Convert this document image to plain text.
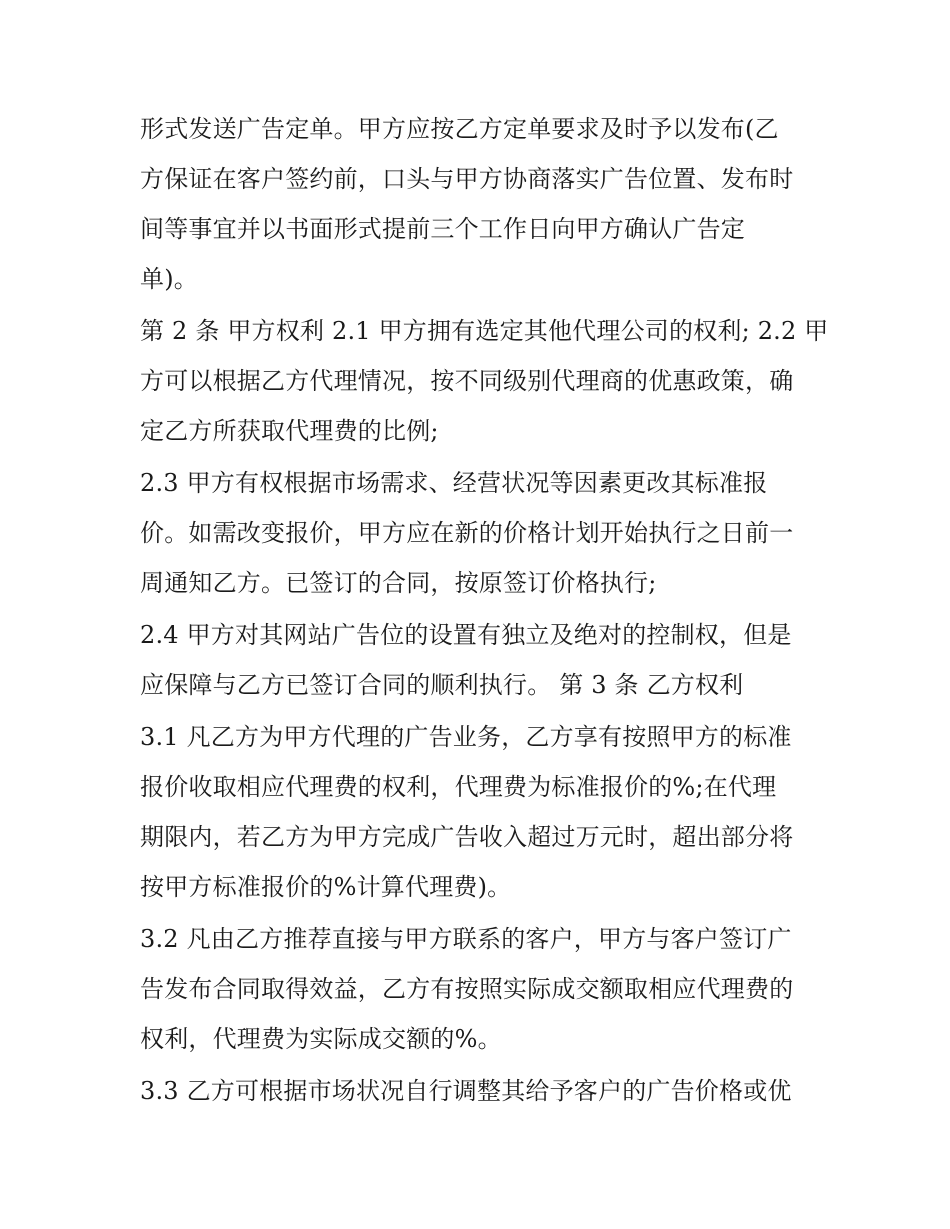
形式发送广告定单。甲方应按乙方定单要求及时予以发布(乙
方保证在客户签约前，口头与甲方协商落实广告位置、发布时
间等事宜并以书面形式提前三个工作日向甲方确认广告定
单)。
第 2 条 甲方权利 2.1 甲方拥有选定其他代理公司的权利; 2.2 甲
方可以根据乙方代理情况，按不同级别代理商的优惠政策，确
定乙方所获取代理费的比例;
2.3 甲方有权根据市场需求、经营状况等因素更改其标准报
价。如需改变报价，甲方应在新的价格计划开始执行之日前一
周通知乙方。已签订的合同，按原签订价格执行;
2.4 甲方对其网站广告位的设置有独立及绝对的控制权，但是
应保障与乙方已签订合同的顺利执行。 第 3 条 乙方权利
3.1 凡乙方为甲方代理的广告业务，乙方享有按照甲方的标准
报价收取相应代理费的权利，代理费为标准报价的%;在代理
期限内，若乙方为甲方完成广告收入超过万元时，超出部分将
按甲方标准报价的%计算代理费)。
3.2 凡由乙方推荐直接与甲方联系的客户，甲方与客户签订广
告发布合同取得效益，乙方有按照实际成交额取相应代理费的
权利，代理费为实际成交额的%。
3.3 乙方可根据市场状况自行调整其给予客户的广告价格或优
